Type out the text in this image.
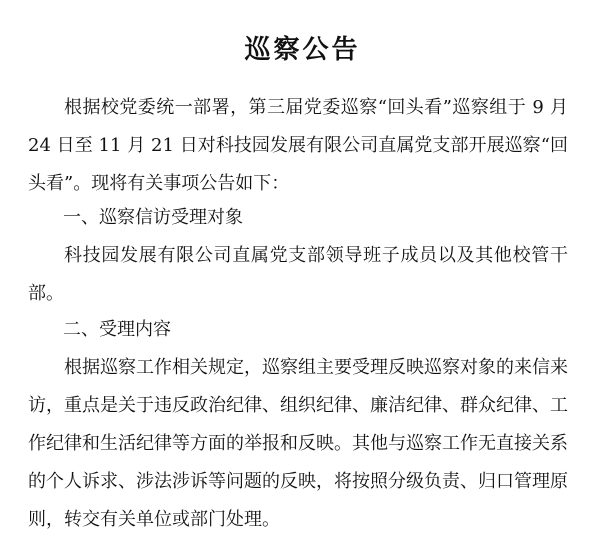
巡察公告

根据校党委统一部署，第三届党委巡察“回头看”巡察组于 9 月 24 日至 11 月 21 日对科技园发展有限公司直属党支部开展巡察“回头看”。现将有关事项公告如下：

一、巡察信访受理对象

科技园发展有限公司直属党支部领导班子成员以及其他校管干部。

二、受理内容

根据巡察工作相关规定，巡察组主要受理反映巡察对象的来信来访，重点是关于违反政治纪律、组织纪律、廉洁纪律、群众纪律、工作纪律和生活纪律等方面的举报和反映。其他与巡察工作无直接关系的个人诉求、涉法涉诉等问题的反映，将按照分级负责、归口管理原则，转交有关单位或部门处理。
